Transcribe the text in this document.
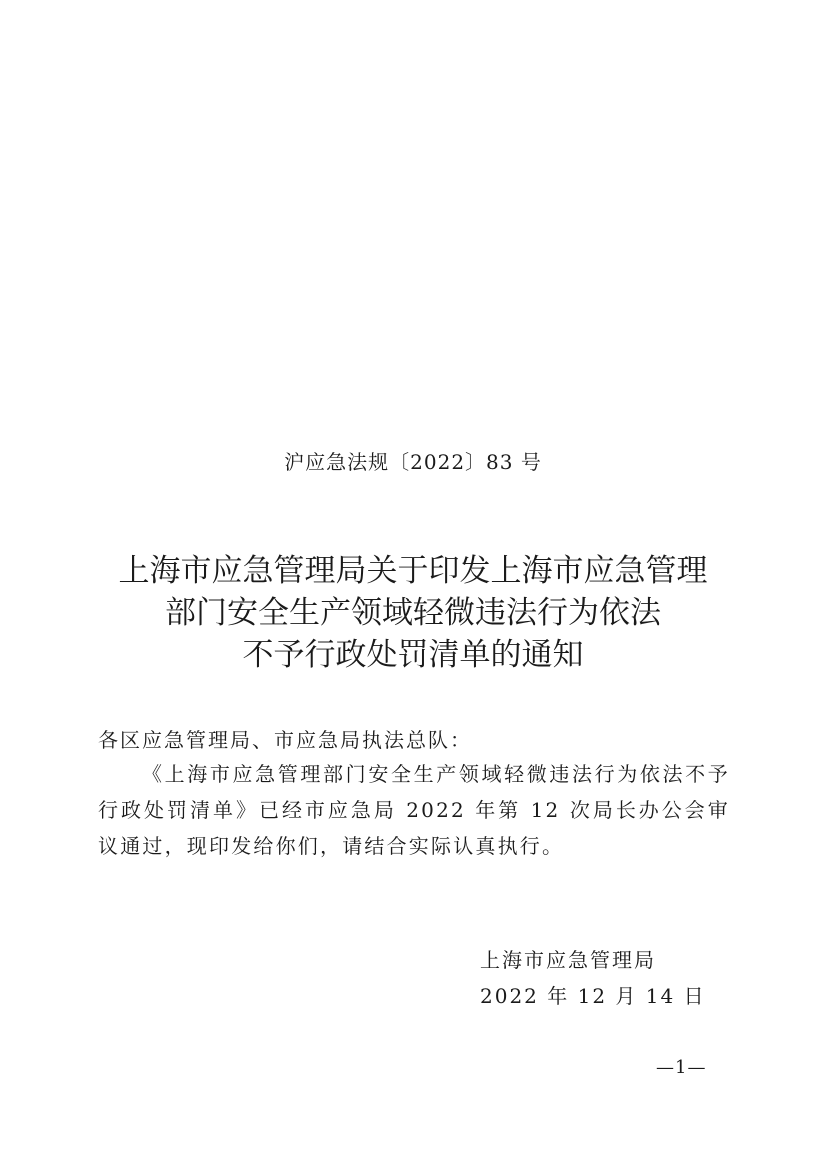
沪应急法规〔2022〕83 号
上海市应急管理局关于印发上海市应急管理
部门安全生产领域轻微违法行为依法
不予行政处罚清单的通知
各区应急管理局、市应急局执法总队：
《上海市应急管理部门安全生产领域轻微违法行为依法不予行政处罚清单》已经市应急局 2022 年第 12 次局长办公会审议通过，现印发给你们，请结合实际认真执行。
上海市应急管理局
2022 年 12 月 14 日
—1—
